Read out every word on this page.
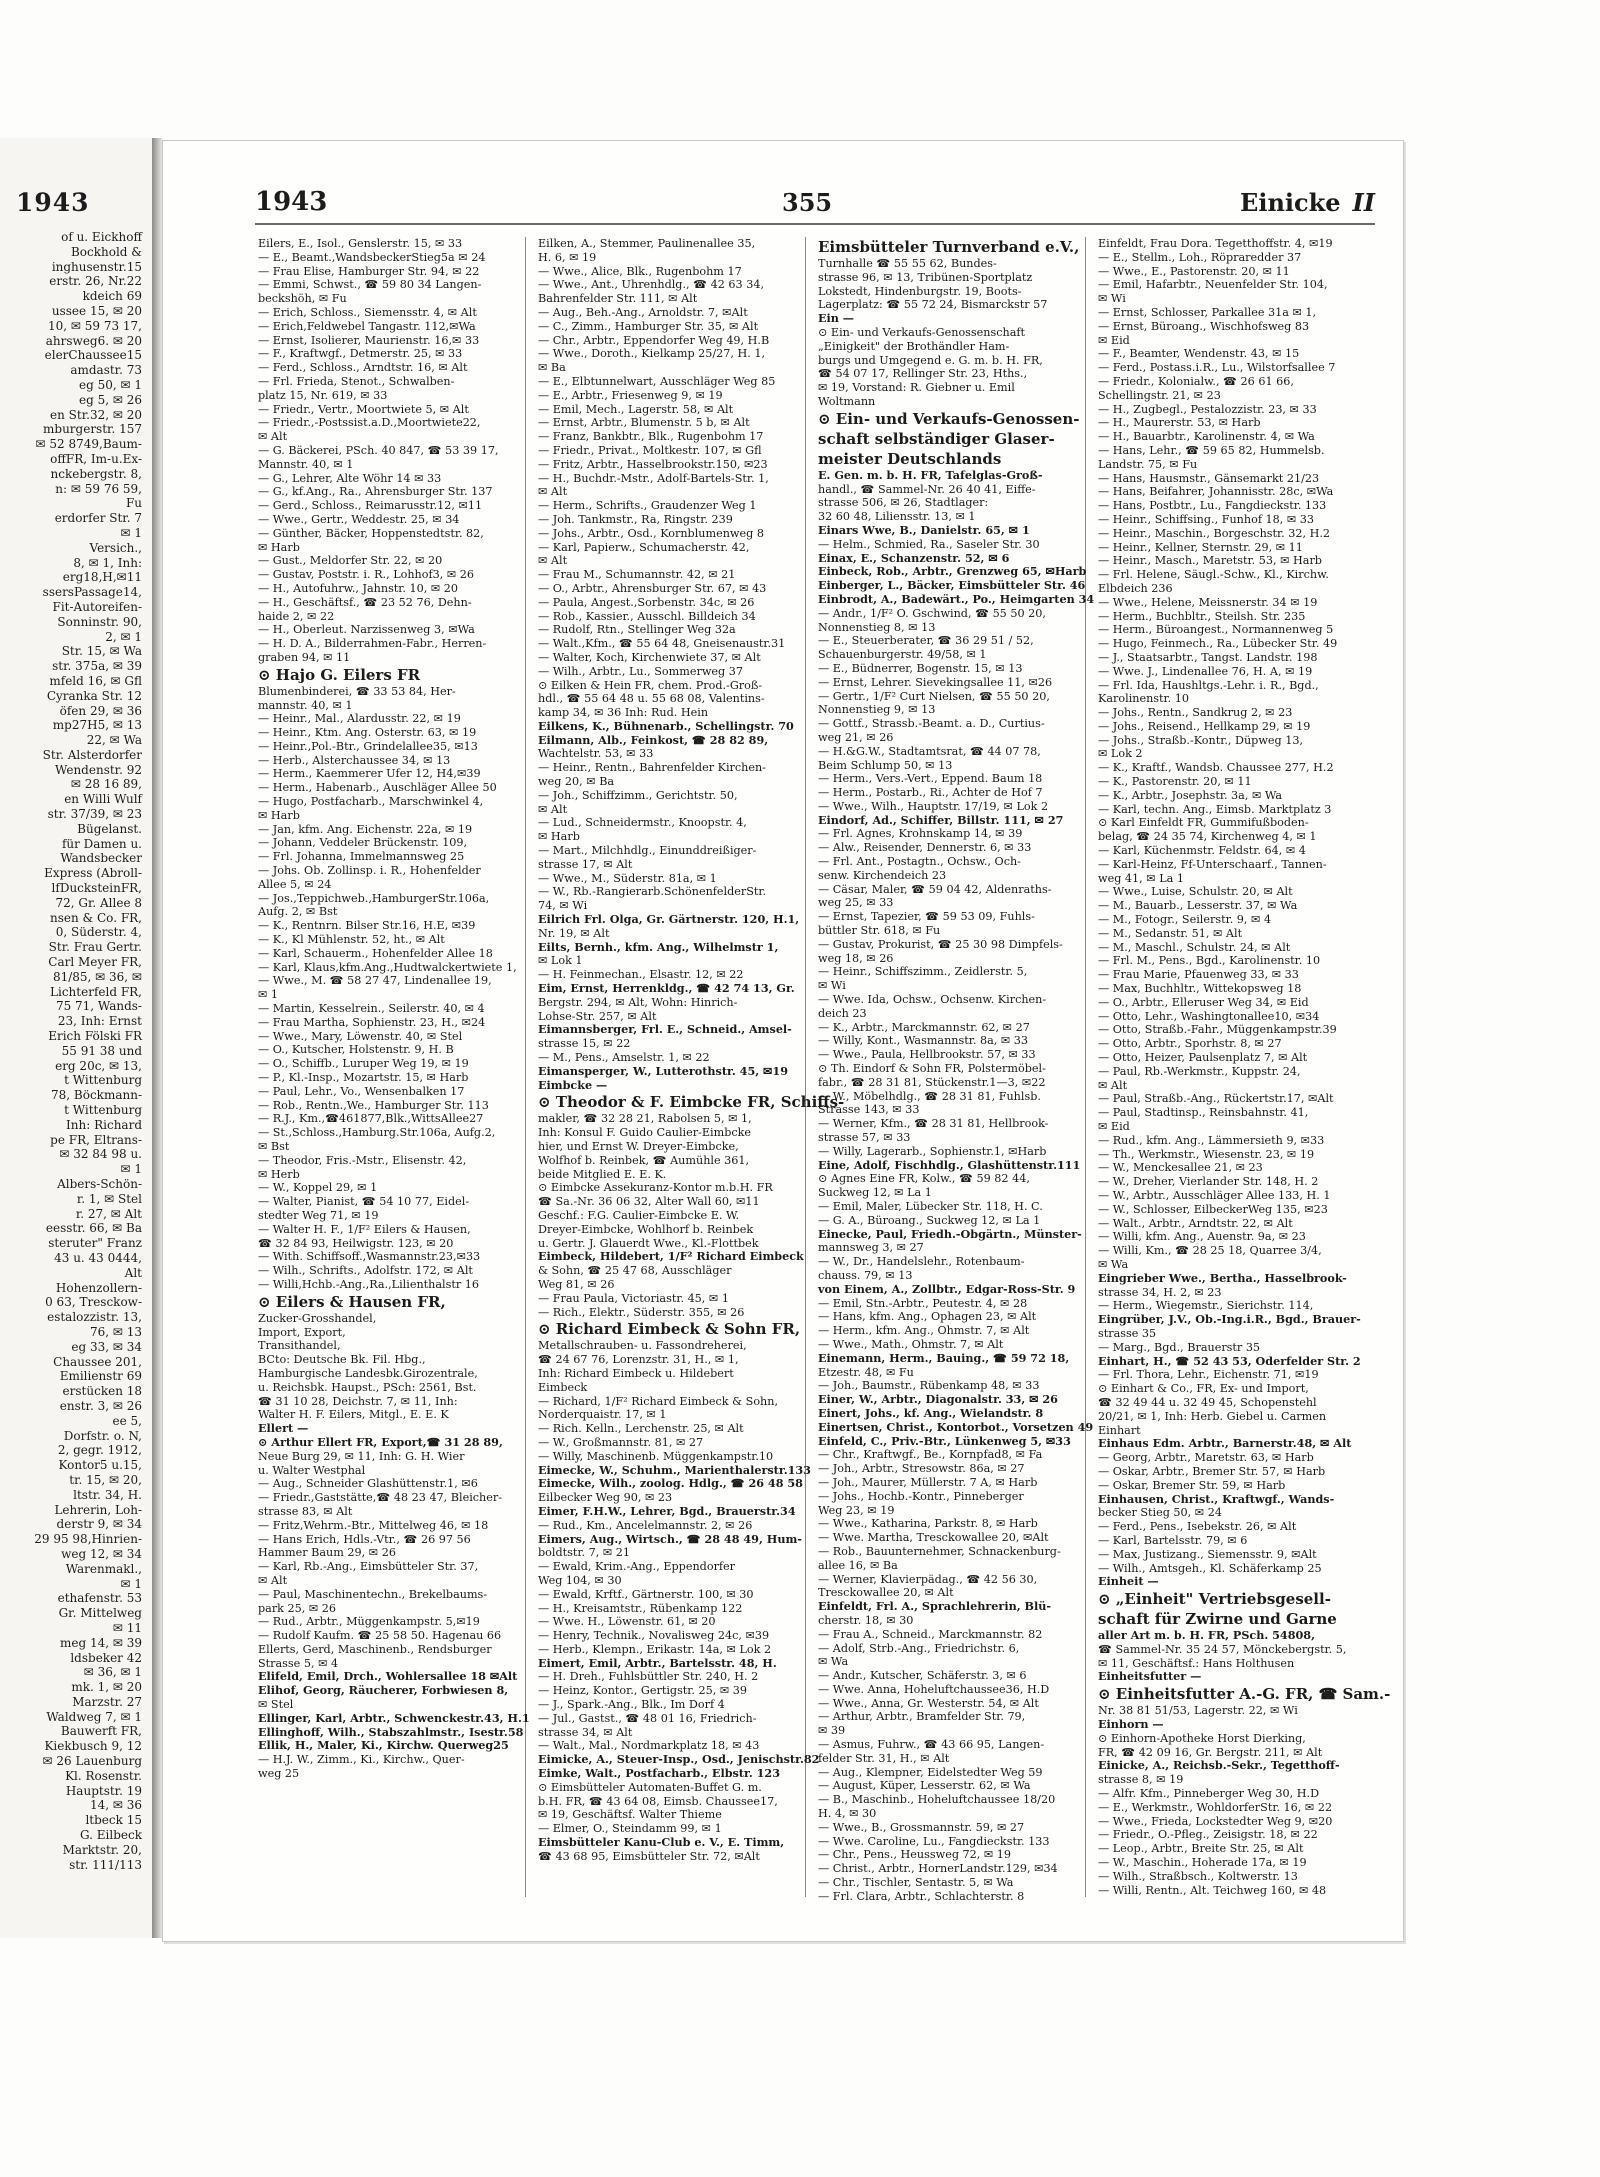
1943
of u. Eickhoff
Bockhold &
inghusenstr.15
erstr. 26, Nr.22
kdeich 69
ussee 15, ✉ 20
10, ✉ 59 73 17,
ahrsweg6. ✉ 20
elerChaussee15
amdastr. 73
eg 50, ✉ 1
eg 5, ✉ 26
en Str.32, ✉ 20
mburgerstr. 157
✉ 52 8749,Baum-
offFR, Im-u.Ex-
nckebergstr. 8,
n: ✉ 59 76 59,
Fu
erdorfer Str. 7
✉ 1
Versich.,
8, ✉ 1, Inh:
erg18,H,✉11
ssersPassage14,
Fit-Autoreifen-
Sonninstr. 90,
2, ✉ 1
Str. 15, ✉ Wa
str. 375a, ✉ 39
mfeld 16, ✉ Gfl
Cyranka Str. 12
öfen 29, ✉ 36
mp27H5, ✉ 13
22, ✉ Wa
Str. Alsterdorfer
Wendenstr. 92
✉ 28 16 89,
en Willi Wulf
str. 37/39, ✉ 23
Bügelanst.
für Damen u.
Wandsbecker
Express (Abroll-
lfDucksteinFR,
72, Gr. Allee 8
nsen & Co. FR,
0, Süderstr. 4,
Str. Frau Gertr.
Carl Meyer FR,
81/85, ✉ 36, ✉
Lichterfeld FR,
75 71, Wands-
23, Inh: Ernst
Erich Fölski FR
55 91 38 und
erg 20c, ✉ 13,
t Wittenburg
78, Böckmann-
t Wittenburg
Inh: Richard
pe FR, Eltrans-
✉ 32 84 98 u.
✉ 1
Albers-Schön-
r. 1, ✉ Stel
r. 27, ✉ Alt
eesstr. 66, ✉ Ba
steruter" Franz
43 u. 43 0444,
Alt
Hohenzollern-
0 63, Tresckow-
estalozzistr. 13,
76, ✉ 13
eg 33, ✉ 34
Chaussee 201,
Emilienstr 69
erstücken 18
enstr. 3, ✉ 26
ee 5,
Dorfstr. o. N,
2, gegr. 1912,
Kontor5 u.15,
tr. 15, ✉ 20,
ltstr. 34, H.
Lehrerin, Loh-
derstr 9, ✉ 34
29 95 98,Hinrien-
weg 12, ✉ 34
Warenmakl.,
✉ 1
ethafenstr. 53
Gr. Mittelweg
✉ 11
meg 14, ✉ 39
ldsbeker 42
✉ 36, ✉ 1
mk. 1, ✉ 20
Marzstr. 27
Waldweg 7, ✉ 1
Bauwerft FR,
Kiekbusch 9, 12
✉ 26 Lauenburg
Kl. Rosenstr.
Hauptstr. 19
14, ✉ 36
ltbeck 15
G. Eilbeck
Marktstr. 20,
str. 111/113
1943	355	Einicke II
Eilers, E., Isol., Genslerstr. 15, ✉ 33
— E., Beamt.,WandsbeckerStieg5a ✉ 24
— Frau Elise, Hamburger Str. 94, ✉ 22
— Emmi, Schwst., ☎ 59 80 34 Langen-
beckshöh, ✉ Fu
— Erich, Schloss., Siemensstr. 4, ✉ Alt
— Erich,Feldwebel Tangastr. 112,✉Wa
— Ernst, Isolierer, Maurienstr. 16,✉ 33
— F., Kraftwgf., Detmerstr. 25, ✉ 33
— Ferd., Schloss., Arndtstr. 16, ✉ Alt
— Frl. Frieda, Stenot., Schwalben-
platz 15, Nr. 619, ✉ 33
— Friedr., Vertr., Moortwiete 5, ✉ Alt
— Friedr.,-Postssist.a.D.,Moortwiete22,
✉ Alt
— G. Bäckerei, PSch. 40 847, ☎ 53 39 17,
Mannstr. 40, ✉ 1
— G., Lehrer, Alte Wöhr 14 ✉ 33
— G., kf.Ang., Ra., Ahrensburger Str. 137
— Gerd., Schloss., Reimarusstr.12, ✉11
— Wwe., Gertr., Weddestr. 25, ✉ 34
— Günther, Bäcker, Hoppenstedtstr. 82,
✉ Harb
— Gust., Meldorfer Str. 22, ✉ 20
— Gustav, Poststr. i. R., Lohhof3, ✉ 26
— H., Autofuhrw., Jahnstr. 10, ✉ 20
— H., Geschäftsf., ☎ 23 52 76, Dehn-
haide 2, ✉ 22
— H., Oberleut. Narzissenweg 3, ✉Wa
— H. D. A., Bilderrahmen-Fabr., Herren-
graben 94, ✉ 11
⊙ Hajo G. Eilers FR
Blumenbinderei, ☎ 33 53 84, Her-
mannstr. 40, ✉ 1
— Heinr., Mal., Alardusstr. 22, ✉ 19
— Heinr., Ktm. Ang. Osterstr. 63, ✉ 19
— Heinr.,Pol.-Btr., Grindelallee35, ✉13
— Herb., Alsterchaussee 34, ✉ 13
— Herm., Kaemmerer Ufer 12, H4,✉39
— Herm., Habenarb., Auschläger Allee 50
— Hugo, Postfacharb., Marschwinkel 4,
✉ Harb
— Jan, kfm. Ang. Eichenstr. 22a, ✉ 19
— Johann, Veddeler Brückenstr. 109,
— Frl. Johanna, Immelmannsweg 25
— Johs. Ob. Zollinsp. i. R., Hohenfelder
Allee 5, ✉ 24
— Jos.,Teppichweb.,HamburgerStr.106a,
Aufg. 2, ✉ Bst
— K., Rentnrn. Bilser Str.16, H.E, ✉39
— K., Kl Mühlenstr. 52, ht., ✉ Alt
— Karl, Schauerm., Hohenfelder Allee 18
— Karl, Klaus,kfm.Ang.,Hudtwalckertwiete 1,
— Wwe., M. ☎ 58 27 47, Lindenallee 19,
✉ 1
— Martin, Kesselrein., Seilerstr. 40, ✉ 4
— Frau Martha, Sophienstr. 23, H., ✉24
— Wwe., Mary, Löwenstr. 40, ✉ Stel
— O., Kutscher, Holstenstr. 9, H. B
— O., Schiffb., Luruper Weg 19, ✉ 19
— P., Kl.-Insp., Mozartstr. 15, ✉ Harb
— Paul, Lehr., Vo., Wensenbalken 17
— Rob., Rentn.,We., Hamburger Str. 113
— R.J., Km.,☎461877,Blk.,WittsAllee27
— St.,Schloss.,Hamburg.Str.106a, Aufg.2,
✉ Bst
— Theodor, Fris.-Mstr., Elisenstr. 42,
✉ Herb
— W., Koppel 29, ✉ 1
— Walter, Pianist, ☎ 54 10 77, Eidel-
stedter Weg 71, ✉ 19
— Walter H. F., 1/F² Eilers & Hausen,
☎ 32 84 93, Heilwigstr. 123, ✉ 20
— With. Schiffsoff.,Wasmannstr.23,✉33
— Wilh., Schrifts., Adolfstr. 172, ✉ Alt
— Willi,Hchb.-Ang.,Ra.,Lilienthalstr 16
⊙ Eilers & Hausen FR,
Zucker-Grosshandel,
Import, Export,
Transithandel,
BCto: Deutsche Bk. Fil. Hbg.,
Hamburgische Landesbk.Girozentrale,
u. Reichsbk. Haupst., PSch: 2561, Bst.
☎ 31 10 28, Deichstr. 7, ✉ 11, Inh:
Walter H. F. Eilers, Mitgl., E. E. K
Ellert —
⊙ Arthur Ellert FR, Export,☎ 31 28 89,
Neue Burg 29, ✉ 11, Inh: G. H. Wier
u. Walter Westphal
— Aug., Schneider Glashüttenstr.1, ✉6
— Friedr.,Gaststätte,☎ 48 23 47, Bleicher-
strasse 83, ✉ Alt
— Fritz,Wehrm.-Btr., Mittelweg 46, ✉ 18
— Hans Erich, Hdls.-Vtr., ☎ 26 97 56
Hammer Baum 29, ✉ 26
— Karl, Rb.-Ang., Eimsbütteler Str. 37,
✉ Alt
— Paul, Maschinentechn., Brekelbaums-
park 25, ✉ 26
— Rud., Arbtr., Müggenkampstr. 5,✉19
— Rudolf Kaufm. ☎ 25 58 50. Hagenau 66
Ellerts, Gerd, Maschinenb., Rendsburger
Strasse 5, ✉ 4
Elifeld, Emil, Drch., Wohlersallee 18 ✉Alt
Elihof, Georg, Räucherer, Forbwiesen 8,
✉ Stel
Ellinger, Karl, Arbtr., Schwenckestr.43, H.1
Ellinghoff, Wilh., Stabszahlmstr., Isestr.58
Ellik, H., Maler, Ki., Kirchw. Querweg25
— H.J. W., Zimm., Ki., Kirchw., Quer-
weg 25
Eilken, A., Stemmer, Paulinenallee 35,
H. 6, ✉ 19
— Wwe., Alice, Blk., Rugenbohm 17
— Wwe., Ant., Uhrenhdlg., ☎ 42 63 34,
Bahrenfelder Str. 111, ✉ Alt
— Aug., Beh.-Ang., Arnoldstr. 7, ✉Alt
— C., Zimm., Hamburger Str. 35, ✉ Alt
— Chr., Arbtr., Eppendorfer Weg 49, H.B
— Wwe., Doroth., Kielkamp 25/27, H. 1,
✉ Ba
— E., Elbtunnelwart, Ausschläger Weg 85
— E., Arbtr., Friesenweg 9, ✉ 19
— Emil, Mech., Lagerstr. 58, ✉ Alt
— Ernst, Arbtr., Blumenstr. 5 b, ✉ Alt
— Franz, Bankbtr., Blk., Rugenbohm 17
— Friedr., Privat., Moltkestr. 107, ✉ Gfl
— Fritz, Arbtr., Hasselbrookstr.150, ✉23
— H., Buchdr.-Mstr., Adolf-Bartels-Str. 1,
✉ Alt
— Herm., Schrifts., Graudenzer Weg 1
— Joh. Tankmstr., Ra, Ringstr. 239
— Johs., Arbtr., Osd., Kornblumenweg 8
— Karl, Papierw., Schumacherstr. 42,
✉ Alt
— Frau M., Schumannstr. 42, ✉ 21
— O., Arbtr., Ahrensburger Str. 67, ✉ 43
— Paula, Angest.,Sorbenstr. 34c, ✉ 26
— Rob., Kassier., Ausschl. Billdeich 34
— Rudolf, Rtn., Stellinger Weg 32a
— Walt.,Kfm., ☎ 55 64 48, Gneisenaustr.31
— Walter, Koch, Kirchenwiete 37, ✉ Alt
— Wilh., Arbtr., Lu., Sommerweg 37
⊙ Eilken & Hein FR, chem. Prod.-Groß-
hdl., ☎ 55 64 48 u. 55 68 08, Valentins-
kamp 34, ✉ 36 Inh: Rud. Hein
Eilkens, K., Bühnenarb., Schellingstr. 70
Eilmann, Alb., Feinkost, ☎ 28 82 89,
Wachtelstr. 53, ✉ 33
— Heinr., Rentn., Bahrenfelder Kirchen-
weg 20, ✉ Ba
— Joh., Schiffzimm., Gerichtstr. 50,
✉ Alt
— Lud., Schneidermstr., Knoopstr. 4,
✉ Harb
— Mart., Milchhdlg., Einunddreißiger-
strasse 17, ✉ Alt
— Wwe., M., Süderstr. 81a, ✉ 1
— W., Rb.-Rangierarb.SchönenfelderStr.
74, ✉ Wi
Eilrich Frl. Olga, Gr. Gärtnerstr. 120, H.1,
Nr. 19, ✉ Alt
Eilts, Bernh., kfm. Ang., Wilhelmstr 1,
✉ Lok 1
— H. Feinmechan., Elsastr. 12, ✉ 22
Eim, Ernst, Herrenkldg., ☎ 42 74 13, Gr.
Bergstr. 294, ✉ Alt, Wohn: Hinrich-
Lohse-Str. 257, ✉ Alt
Eimannsberger, Frl. E., Schneid., Amsel-
strasse 15, ✉ 22
— M., Pens., Amselstr. 1, ✉ 22
Eimansperger, W., Lutterothstr. 45, ✉19
Eimbcke —
⊙ Theodor & F. Eimbcke FR, Schiffs-
makler, ☎ 32 28 21, Rabolsen 5, ✉ 1,
Inh: Konsul F. Guido Caulier-Eimbcke
hier, und Ernst W. Dreyer-Eimbcke,
Wolfhof b. Reinbek, ☎ Aumühle 361,
beide Mitglied E. E. K.
⊙ Eimbcke Assekuranz-Kontor m.b.H. FR
☎ Sa.-Nr. 36 06 32, Alter Wall 60, ✉11
Geschf.: F.G. Caulier-Eimbcke E. W.
Dreyer-Eimbcke, Wohlhorf b. Reinbek
u. Gertr. J. Glauerdt Wwe., Kl.-Flottbek
Eimbeck, Hildebert, 1/F² Richard Eimbeck
& Sohn, ☎ 25 47 68, Ausschläger
Weg 81, ✉ 26
— Frau Paula, Victoriastr. 45, ✉ 1
— Rich., Elektr., Süderstr. 355, ✉ 26
⊙ Richard Eimbeck & Sohn FR,
Metallschrauben- u. Fassondreherei,
☎ 24 67 76, Lorenzstr. 31, H., ✉ 1,
Inh: Richard Eimbeck u. Hildebert
Eimbeck
— Richard, 1/F² Richard Eimbeck & Sohn,
Norderquaistr. 17, ✉ 1
— Rich. Kelln., Lerchenstr. 25, ✉ Alt
— W., Großmannstr. 81, ✉ 27
— Willy, Maschinenb. Müggenkampstr.10
Eimecke, W., Schuhm., Marienthalerstr.133
Eimecke, Wilh., zoolog. Hdlg., ☎ 26 48 58
Eilbecker Weg 90, ✉ 23
Eimer, F.H.W., Lehrer, Bgd., Brauerstr.34
— Rud., Km., Ancelelmannstr. 2, ✉ 26
Eimers, Aug., Wirtsch., ☎ 28 48 49, Hum-
boldtstr. 7, ✉ 21
— Ewald, Krim.-Ang., Eppendorfer
Weg 104, ✉ 30
— Ewald, Krftf., Gärtnerstr. 100, ✉ 30
— H., Kreisamtstr., Rübenkamp 122
— Wwe. H., Löwenstr. 61, ✉ 20
— Henry, Technik., Novalisweg 24c, ✉39
— Herb., Klempn., Erikastr. 14a, ✉ Lok 2
Eimert, Emil, Arbtr., Bartelsstr. 48, H.
— H. Dreh., Fuhlsbüttler Str. 240, H. 2
— Heinz, Kontor., Gertigstr. 25, ✉ 39
— J., Spark.-Ang., Blk., Im Dorf 4
— Jul., Gastst., ☎ 48 01 16, Friedrich-
strasse 34, ✉ Alt
— Walt., Mal., Nordmarkplatz 18, ✉ 43
Eimicke, A., Steuer-Insp., Osd., Jenischstr.82
Eimke, Walt., Postfacharb., Elbstr. 123
⊙ Eimsbütteler Automaten-Buffet G. m.
b.H. FR, ☎ 43 64 08, Eimsb. Chaussee17,
✉ 19, Geschäftsf. Walter Thieme
— Elmer, O., Steindamm 99, ✉ 1
Eimsbütteler Kanu-Club e. V., E. Timm,
☎ 43 68 95, Eimsbütteler Str. 72, ✉Alt
Eimsbütteler Turnverband e.V.,
Turnhalle ☎ 55 55 62, Bundes-
strasse 96, ✉ 13, Tribünen-Sportplatz
Lokstedt, Hindenburgstr. 19, Boots-
Lagerplatz: ☎ 55 72 24, Bismarckstr 57
Ein —
⊙ Ein- und Verkaufs-Genossenschaft
„Einigkeit" der Brothändler Ham-
burgs und Umgegend e. G. m. b. H. FR,
☎ 54 07 17, Rellinger Str. 23, Hths.,
✉ 19, Vorstand: R. Giebner u. Emil
Woltmann
⊙ Ein- und Verkaufs-Genossen-
schaft selbständiger Glaser-
meister Deutschlands
E. Gen. m. b. H. FR, Tafelglas-Groß-
handl., ☎ Sammel-Nr. 26 40 41, Eiffe-
strasse 506, ✉ 26, Stadtlager:
32 60 48, Liliensstr. 13, ✉ 1
Einars Wwe, B., Danielstr. 65, ✉ 1
— Helm., Schmied, Ra., Saseler Str. 30
Einax, E., Schanzenstr. 52, ✉ 6
Einbeck, Rob., Arbtr., Grenzweg 65, ✉Harb
Einberger, L., Bäcker, Eimsbütteler Str. 46
Einbrodt, A., Badewärt., Po., Heimgarten 34
— Andr., 1/F² O. Gschwind, ☎ 55 50 20,
Nonnenstieg 8, ✉ 13
— E., Steuerberater, ☎ 36 29 51 / 52,
Schauenburgerstr. 49/58, ✉ 1
— E., Büdnerrer, Bogenstr. 15, ✉ 13
— Ernst, Lehrer. Sievekingsallee 11, ✉26
— Gertr., 1/F² Curt Nielsen, ☎ 55 50 20,
Nonnenstieg 9, ✉ 13
— Gottf., Strassb.-Beamt. a. D., Curtius-
weg 21, ✉ 26
— H.&G.W., Stadtamtsrat, ☎ 44 07 78,
Beim Schlump 50, ✉ 13
— Herm., Vers.-Vert., Eppend. Baum 18
— Herm., Postarb., Ri., Achter de Hof 7
— Wwe., Wilh., Hauptstr. 17/19, ✉ Lok 2
Eindorf, Ad., Schiffer, Billstr. 111, ✉ 27
— Frl. Agnes, Krohnskamp 14, ✉ 39
— Alw., Reisender, Dennerstr. 6, ✉ 33
— Frl. Ant., Postagtn., Ochsw., Och-
senw. Kirchendeich 23
— Cäsar, Maler, ☎ 59 04 42, Aldenraths-
weg 25, ✉ 33
— Ernst, Tapezier, ☎ 59 53 09, Fuhls-
büttler Str. 618, ✉ Fu
— Gustav, Prokurist, ☎ 25 30 98 Dimpfels-
weg 18, ✉ 26
— Heinr., Schiffszimm., Zeidlerstr. 5,
✉ Wi
— Wwe. Ida, Ochsw., Ochsenw. Kirchen-
deich 23
— K., Arbtr., Marckmannstr. 62, ✉ 27
— Willy, Kont., Wasmannstr. 8a, ✉ 33
— Wwe., Paula, Hellbrookstr. 57, ✉ 33
⊙ Th. Eindorf & Sohn FR, Polstermöbel-
fabr., ☎ 28 31 81, Stückenstr.1—3, ✉22
— W., Möbelhdlg., ☎ 28 31 81, Fuhlsb.
Strasse 143, ✉ 33
— Werner, Kfm., ☎ 28 31 81, Hellbrook-
strasse 57, ✉ 33
— Willy, Lagerarb., Sophienstr.1, ✉Harb
Eine, Adolf, Fischhdlg., Glashüttenstr.111
⊙ Agnes Eine FR, Kolw., ☎ 59 82 44,
Suckweg 12, ✉ La 1
— Emil, Maler, Lübecker Str. 118, H. C.
— G. A., Büroang., Suckweg 12, ✉ La 1
Einecke, Paul, Friedh.-Obgärtn., Münster-
mannsweg 3, ✉ 27
— W., Dr., Handelslehr., Rotenbaum-
chauss. 79, ✉ 13
von Einem, A., Zollbtr., Edgar-Ross-Str. 9
— Emil, Stn.-Arbtr., Peutestr. 4, ✉ 28
— Hans, kfm. Ang., Ophagen 23, ✉ Alt
— Herm., kfm. Ang., Ohmstr. 7, ✉ Alt
— Wwe., Math., Ohmstr. 7, ✉ Alt
Einemann, Herm., Bauing., ☎ 59 72 18,
Etzestr. 48, ✉ Fu
— Joh., Baumstr., Rübenkamp 48, ✉ 33
Einer, W., Arbtr., Diagonalstr. 33, ✉ 26
Einert, Johs., kf. Ang., Wielandstr. 8
Einertsen, Christ., Kontorbot., Vorsetzen 49
Einfeld, C., Priv.-Btr., Lünkenweg 5, ✉33
— Chr., Kraftwgf., Be., Kornpfad8, ✉ Fa
— Joh., Arbtr., Stresowstr. 86a, ✉ 27
— Joh., Maurer, Müllerstr. 7 A, ✉ Harb
— Johs., Hochb.-Kontr., Pinneberger
Weg 23, ✉ 19
— Wwe., Katharina, Parkstr. 8, ✉ Harb
— Wwe. Martha, Tresckowallee 20, ✉Alt
— Rob., Bauunternehmer, Schnackenburg-
allee 16, ✉ Ba
— Werner, Klavierpädag., ☎ 42 56 30,
Tresckowallee 20, ✉ Alt
Einfeldt, Frl. A., Sprachlehrerin, Blü-
cherstr. 18, ✉ 30
— Frau A., Schneid., Marckmannstr. 82
— Adolf, Strb.-Ang., Friedrichstr. 6,
✉ Wa
— Andr., Kutscher, Schäferstr. 3, ✉ 6
— Wwe. Anna, Hoheluftchaussee36, H.D
— Wwe., Anna, Gr. Westerstr. 54, ✉ Alt
— Arthur, Arbtr., Bramfelder Str. 79,
✉ 39
— Asmus, Fuhrw., ☎ 43 66 95, Langen-
felder Str. 31, H., ✉ Alt
— Aug., Klempner, Eidelstedter Weg 59
— August, Küper, Lesserstr. 62, ✉ Wa
— B., Maschinb., Hoheluftchaussee 18/20
H. 4, ✉ 30
— Wwe., B., Grossmannstr. 59, ✉ 27
— Wwe. Caroline, Lu., Fangdieckstr. 133
— Chr., Pens., Heussweg 72, ✉ 19
— Christ., Arbtr., HornerLandstr.129, ✉34
— Chr., Tischler, Sentastr. 5, ✉ Wa
— Frl. Clara, Arbtr., Schlachterstr. 8
Einfeldt, Frau Dora. Tegetthoffstr. 4, ✉19
— E., Stellm., Loh., Röpraredder 37
— Wwe., E., Pastorenstr. 20, ✉ 11
— Emil, Hafarbtr., Neuenfelder Str. 104,
✉ Wi
— Ernst, Schlosser, Parkallee 31a ✉ 1,
— Ernst, Büroang., Wischhofsweg 83
✉ Eid
— F., Beamter, Wendenstr. 43, ✉ 15
— Ferd., Postass.i.R., Lu., Wilstorfsallee 7
— Friedr., Kolonialw., ☎ 26 61 66,
Schellingstr. 21, ✉ 23
— H., Zugbegl., Pestalozzistr. 23, ✉ 33
— H., Maurerstr. 53, ✉ Harb
— H., Bauarbtr., Karolinenstr. 4, ✉ Wa
— Hans, Lehr., ☎ 59 65 82, Hummelsb.
Landstr. 75, ✉ Fu
— Hans, Hausmstr., Gänsemarkt 21/23
— Hans, Beifahrer, Johannisstr. 28c, ✉Wa
— Hans, Postbtr., Lu., Fangdieckstr. 133
— Heinr., Schiffsing., Funhof 18, ✉ 33
— Heinr., Maschin., Borgeschstr. 32, H.2
— Heinr., Kellner, Sternstr. 29, ✉ 11
— Heinr., Masch., Maretstr. 53, ✉ Harb
— Frl. Helene, Säugl.-Schw., Kl., Kirchw.
Elbdeich 236
— Wwe., Helene, Meissnerstr. 34 ✉ 19
— Herm., Buchbltr., Steilsh. Str. 235
— Herm., Büroangest., Normannenweg 5
— Hugo, Feinmech., Ra., Lübecker Str. 49
— J., Staatsarbtr., Tangst. Landstr. 198
— Wwe. J., Lindenallee 76, H. A, ✉ 19
— Frl. Ida, Haushltgs.-Lehr. i. R., Bgd.,
Karolinenstr. 10
— Johs., Rentn., Sandkrug 2, ✉ 23
— Johs., Reisend., Hellkamp 29, ✉ 19
— Johs., Straßb.-Kontr., Düpweg 13,
✉ Lok 2
— K., Kraftf., Wandsb. Chaussee 277, H.2
— K., Pastorenstr. 20, ✉ 11
— K., Arbtr., Josephstr. 3a, ✉ Wa
— Karl, techn. Ang., Eimsb. Marktplatz 3
⊙ Karl Einfeldt FR, Gummifußboden-
belag, ☎ 24 35 74, Kirchenweg 4, ✉ 1
— Karl, Küchenmstr. Feldstr. 64, ✉ 4
— Karl-Heinz, Ff-Unterschaarf., Tannen-
weg 41, ✉ La 1
— Wwe., Luise, Schulstr. 20, ✉ Alt
— M., Bauarb., Lesserstr. 37, ✉ Wa
— M., Fotogr., Seilerstr. 9, ✉ 4
— M., Sedanstr. 51, ✉ Alt
— M., Maschl., Schulstr. 24, ✉ Alt
— Frl. M., Pens., Bgd., Karolinenstr. 10
— Frau Marie, Pfauenweg 33, ✉ 33
— Max, Buchhltr., Wittekopsweg 18
— O., Arbtr., Elleruser Weg 34, ✉ Eid
— Otto, Lehr., Washingtonallee10, ✉34
— Otto, Straßb.-Fahr., Müggenkampstr.39
— Otto, Arbtr., Sporhstr. 8, ✉ 27
— Otto, Heizer, Paulsenplatz 7, ✉ Alt
— Paul, Rb.-Werkmstr., Kuppstr. 24,
✉ Alt
— Paul, Straßb.-Ang., Rückertstr.17, ✉Alt
— Paul, Stadtinsp., Reinsbahnstr. 41,
✉ Eid
— Rud., kfm. Ang., Lämmersieth 9, ✉33
— Th., Werkmstr., Wiesenstr. 23, ✉ 19
— W., Menckesallee 21, ✉ 23
— W., Dreher, Vierlander Str. 148, H. 2
— W., Arbtr., Ausschläger Allee 133, H. 1
— W., Schlosser, EilbeckerWeg 135, ✉23
— Walt., Arbtr., Arndtstr. 22, ✉ Alt
— Willi, kfm. Ang., Auenstr. 9a, ✉ 23
— Willi, Km., ☎ 28 25 18, Quarree 3/4,
✉ Wa
Eingrieber Wwe., Bertha., Hasselbrook-
strasse 34, H. 2, ✉ 23
— Herm., Wiegemstr., Sierichstr. 114,
Eingrüber, J.V., Ob.-Ing.i.R., Bgd., Brauer-
strasse 35
— Marg., Bgd., Brauerstr 35
Einhart, H., ☎ 52 43 53, Oderfelder Str. 2
— Frl. Thora, Lehr., Eichenstr. 71, ✉19
⊙ Einhart & Co., FR, Ex- und Import,
☎ 32 49 44 u. 32 49 45, Schopenstehl
20/21, ✉ 1, Inh: Herb. Giebel u. Carmen
Einhart
Einhaus Edm. Arbtr., Barnerstr.48, ✉ Alt
— Georg, Arbtr., Maretstr. 63, ✉ Harb
— Oskar, Arbtr., Bremer Str. 57, ✉ Harb
— Oskar, Bremer Str. 59, ✉ Harb
Einhausen, Christ., Kraftwgf., Wands-
becker Stieg 50, ✉ 24
— Ferd., Pens., Isebekstr. 26, ✉ Alt
— Karl, Bartelsstr. 79, ✉ 6
— Max, Justizang., Siemensstr. 9, ✉Alt
— Wilh., Amtsgeh., Kl. Schäferkamp 25
Einheit —
⊙ „Einheit" Vertriebsgesell-
schaft für Zwirne und Garne
aller Art m. b. H. FR, PSch. 54808,
☎ Sammel-Nr. 35 24 57, Mönckebergstr. 5,
✉ 11, Geschäftsf.: Hans Holthusen
Einheitsfutter —
⊙ Einheitsfutter A.-G. FR, ☎ Sam.-
Nr. 38 81 51/53, Lagerstr. 22, ✉ Wi
Einhorn —
⊙ Einhorn-Apotheke Horst Dierking,
FR, ☎ 42 09 16, Gr. Bergstr. 211, ✉ Alt
Einicke, A., Reichsb.-Sekr., Tegetthoff-
strasse 8, ✉ 19
— Alfr. Kfm., Pinneberger Weg 30, H.D
— E., Werkmstr., WohldorferStr. 16, ✉ 22
— Wwe., Frieda, Lockstedter Weg 9, ✉20
— Friedr., O.-Pfleg., Zeisigstr. 18, ✉ 22
— Leop., Arbtr., Breite Str. 25, ✉ Alt
— W., Maschin., Hoherade 17a, ✉ 19
— Wilh., Straßbsch., Koltwerstr. 13
— Willi, Rentn., Alt. Teichweg 160, ✉ 48
